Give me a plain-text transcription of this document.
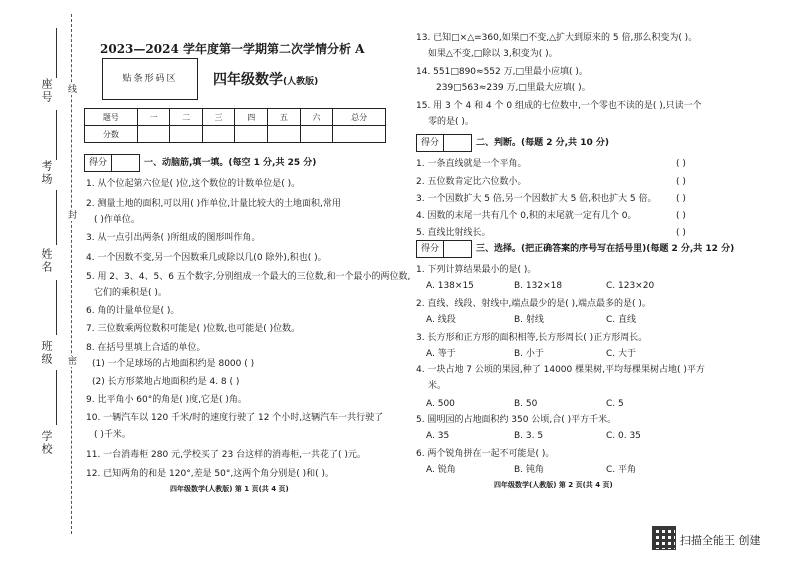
座号
考场
姓名
班级
学校
线
封
密
2023—2024 学年度第一学期第二次学情分析 A
贴条形码区	四年级数学(人教版)
题号	一	二	三	四	五	六	总分
分数							
得分	一、动脑筋,填一填。(每空 1 分,共 25 分)
1. 从个位起第六位是( )位,这个数位的计数单位是( )。
2. 测量土地的面积,可以用( )作单位,计量比较大的土地面积,常用
( )作单位。
3. 从一点引出两条( )所组成的图形叫作角。
4. 一个因数不变,另一个因数乘几或除以几(0 除外),积也( )。
5. 用 2、3、4、5、6 五个数字,分别组成一个最大的三位数,和一个最小的两位数,
它们的乘积是( )。
6. 角的计量单位是( )。
7. 三位数乘两位数积可能是( )位数,也可能是( )位数。
8. 在括号里填上合适的单位。
(1) 一个足球场的占地面积约是 8000 ( )
(2) 长方形菜地占地面积约是 4. 8 ( )
9. 比平角小 60°的角是( )度,它是( )角。
10. 一辆汽车以 120 千米/时的速度行驶了 12 个小时,这辆汽车一共行驶了
( )千米。
11. 一台消毒柜 280 元,学校买了 23 台这样的消毒柜,一共花了( )元。
12. 已知两角的和是 120°,差是 50°,这两个角分别是( )和( )。
四年级数学(人教版) 第 1 页(共 4 页)
13. 已知□×△=360,如果□不变,△扩大到原来的 5 倍,那么积变为( )。
如果△不变,□除以 3,积变为( )。
14. 551□890≈552 万,□里最小应填( )。
239□563≈239 万,□里最大应填( )。
15. 用 3 个 4 和 4 个 0 组成的七位数中,一个零也不读的是( ),只读一个
零的是( )。
得分	二、判断。(每题 2 分,共 10 分)
1. 一条直线就是一个平角。	( )
2. 五位数肯定比六位数小。	( )
3. 一个因数扩大 5 倍,另一个因数扩大 5 倍,积也扩大 5 倍。 ( )
4. 因数的末尾一共有几个 0,积的末尾就一定有几个 0。	( )
5. 直线比射线长。	( )
得分	三、选择。(把正确答案的序号写在括号里)(每题 2 分,共 12 分)
1. 下列计算结果最小的是( )。
A. 138×15	B. 132×18	C. 123×20
2. 直线、线段、射线中,端点最少的是( ),端点最多的是( )。
A. 线段	B. 射线	C. 直线
3. 长方形和正方形的面积相等,长方形周长( )正方形周长。
A. 等于	B. 小于	C. 大于
4. 一块占地 7 公顷的果园,种了 14000 棵果树,平均每棵果树占地( )平方
米。
A. 500	B. 50	C. 5
5. 圆明园的占地面积约 350 公顷,合( )平方千米。
A. 35	B. 3. 5	C. 0. 35
6. 两个锐角拼在一起不可能是( )。
A. 锐角	B. 钝角	C. 平角
四年级数学(人教版) 第 2 页(共 4 页)
扫描全能王 创建
